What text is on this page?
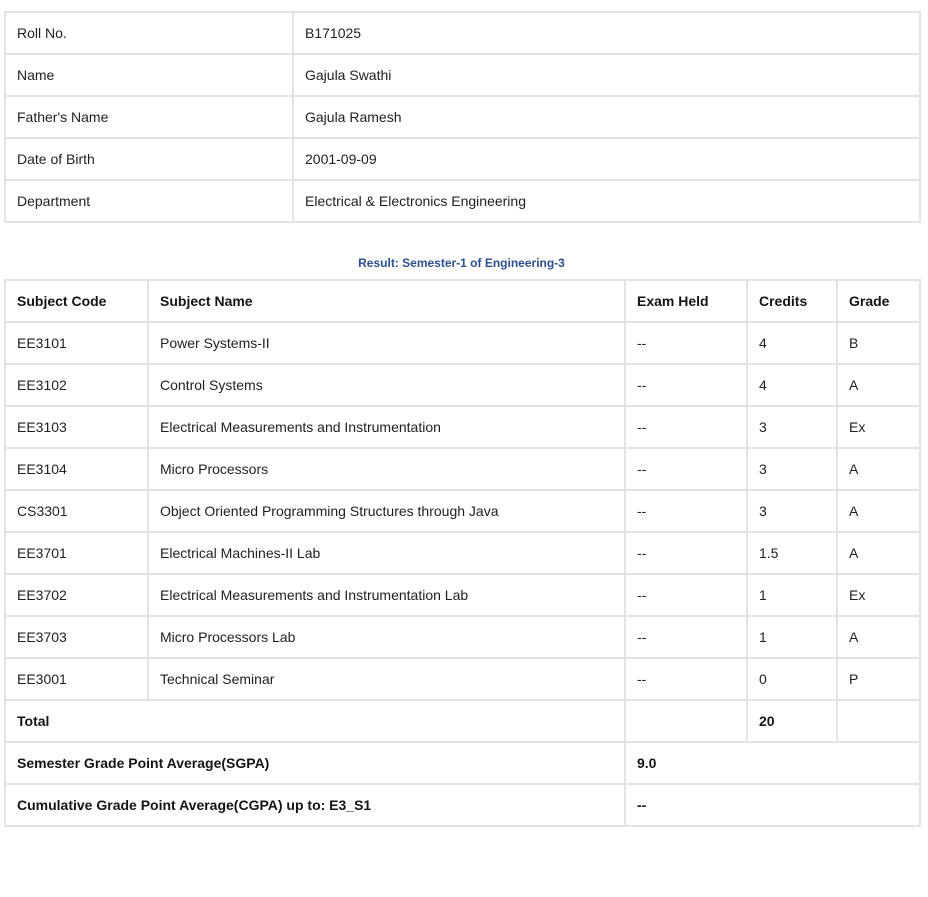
Roll No.	B171025
Name	Gajula Swathi
Father's Name	Gajula Ramesh
Date of Birth	2001-09-09
Department	Electrical & Electronics Engineering
Result: Semester-1 of Engineering-3
Subject Code	Subject Name	Exam Held	Credits	Grade
EE3101	Power Systems-II	--	4	B
EE3102	Control Systems	--	4	A
EE3103	Electrical Measurements and Instrumentation	--	3	Ex
EE3104	Micro Processors	--	3	A
CS3301	Object Oriented Programming Structures through Java	--	3	A
EE3701	Electrical Machines-II Lab	--	1.5	A
EE3702	Electrical Measurements and Instrumentation Lab	--	1	Ex
EE3703	Micro Processors Lab	--	1	A
EE3001	Technical Seminar	--	0	P
Total			20	
Semester Grade Point Average(SGPA)		9.0		
Cumulative Grade Point Average(CGPA) up to: E3_S1		--		
